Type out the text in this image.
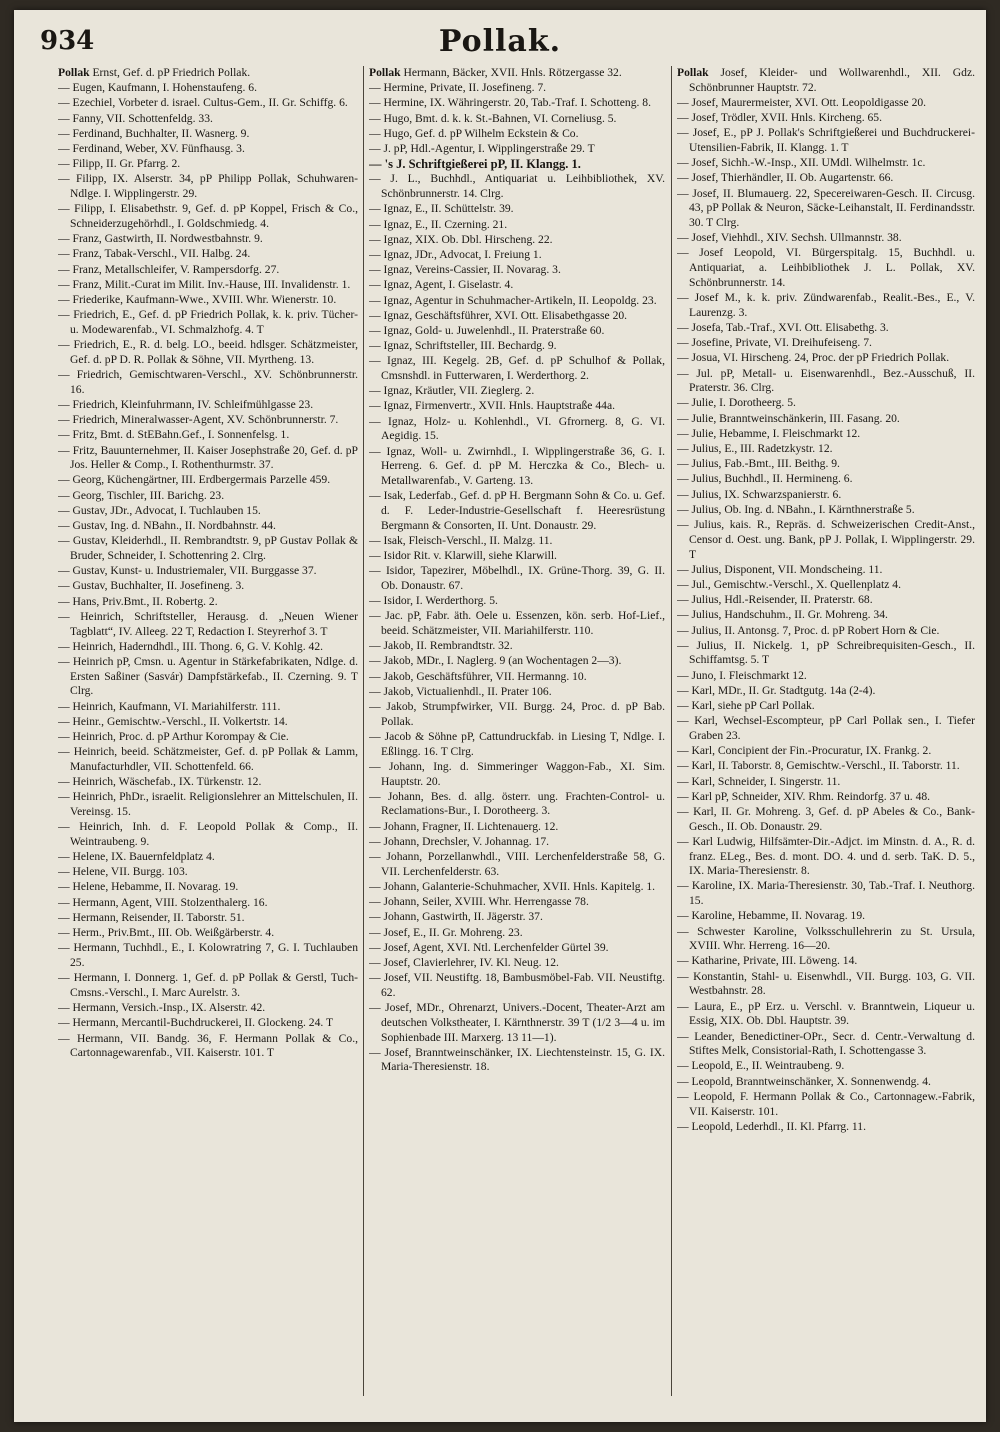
934	Pollak.
Pollak Ernst, Gef. d. pP Friedrich Pollak.
— Eugen, Kaufmann, I. Hohenstaufeng. 6.
— Ezechiel, Vorbeter d. israel. Cultus-Gem., II. Gr. Schiffg. 6.
— Fanny, VII. Schottenfeldg. 33.
— Ferdinand, Buchhalter, II. Wasnerg. 9.
— Ferdinand, Weber, XV. Fünfhausg. 3.
— Filipp, II. Gr. Pfarrg. 2.
— Filipp, IX. Alserstr. 34, pP Philipp Pollak, Schuhwaren-Ndlge. I. Wipplingerstr. 29.
— Filipp, I. Elisabethstr. 9, Gef. d. pP Koppel, Frisch & Co., Schneiderzugehörhdl., I. Goldschmiedg. 4.
— Franz, Gastwirth, II. Nordwestbahnstr. 9.
— Franz, Tabak-Verschl., VII. Halbg. 24.
— Franz, Metallschleifer, V. Rampersdorfg. 27.
— Franz, Milit.-Curat im Milit. Inv.-Hause, III. Invalidenstr. 1.
— Friederike, Kaufmann-Wwe., XVIII. Whr. Wienerstr. 10.
— Friedrich, E., Gef. d. pP Friedrich Pollak, k. k. priv. Tücher- u. Modewarenfab., VI. Schmalzhofg. 4. T
— Friedrich, E., R. d. belg. LO., beeid. hdlsger. Schätzmeister, Gef. d. pP D. R. Pollak & Söhne, VII. Myrtheng. 13.
— Friedrich, Gemischtwaren-Verschl., XV. Schönbrunnerstr. 16.
— Friedrich, Kleinfuhrmann, IV. Schleifmühlgasse 23.
— Friedrich, Mineralwasser-Agent, XV. Schönbrunnerstr. 7.
— Fritz, Bmt. d. StEBahn.Gef., I. Sonnenfelsg. 1.
— Fritz, Bauunternehmer, II. Kaiser Josephstraße 20, Gef. d. pP Jos. Heller & Comp., I. Rothenthurmstr. 37.
— Georg, Küchengärtner, III. Erdbergermais Parzelle 459.
— Georg, Tischler, III. Barichg. 23.
— Gustav, JDr., Advocat, I. Tuchlauben 15.
— Gustav, Ing. d. NBahn., II. Nordbahnstr. 44.
— Gustav, Kleiderhdl., II. Rembrandtstr. 9, pP Gustav Pollak & Bruder, Schneider, I. Schottenring 2. Clrg.
— Gustav, Kunst- u. Industriemaler, VII. Burggasse 37.
— Gustav, Buchhalter, II. Josefineng. 3.
— Hans, Priv.Bmt., II. Robertg. 2.
— Heinrich, Schriftsteller, Herausg. d. „Neuen Wiener Tagblatt“, IV. Alleeg. 22 T, Redaction I. Steyrerhof 3. T
— Heinrich, Haderndhdl., III. Thong. 6, G. V. Kohlg. 42.
— Heinrich pP, Cmsn. u. Agentur in Stärkefabrikaten, Ndlge. d. Ersten Saßiner (Sasvár) Dampfstärkefab., II. Czerning. 9. T Clrg.
— Heinrich, Kaufmann, VI. Mariahilferstr. 111.
— Heinr., Gemischtw.-Verschl., II. Volkertstr. 14.
— Heinrich, Proc. d. pP Arthur Korompay & Cie.
— Heinrich, beeid. Schätzmeister, Gef. d. pP Pollak & Lamm, Manufacturhdler, VII. Schottenfeld. 66.
— Heinrich, Wäschefab., IX. Türkenstr. 12.
— Heinrich, PhDr., israelit. Religionslehrer an Mittelschulen, II. Vereinsg. 15.
— Heinrich, Inh. d. F. Leopold Pollak & Comp., II. Weintraubeng. 9.
— Helene, IX. Bauernfeldplatz 4.
— Helene, VII. Burgg. 103.
— Helene, Hebamme, II. Novarag. 19.
— Hermann, Agent, VIII. Stolzenthalerg. 16.
— Hermann, Reisender, II. Taborstr. 51.
— Herm., Priv.Bmt., III. Ob. Weißgärberstr. 4.
— Hermann, Tuchhdl., E., I. Kolowratring 7, G. I. Tuchlauben 25.
— Hermann, I. Donnerg. 1, Gef. d. pP Pollak & Gerstl, Tuch-Cmsns.-Verschl., I. Marc Aurelstr. 3.
— Hermann, Versich.-Insp., IX. Alserstr. 42.
— Hermann, Mercantil-Buchdruckerei, II. Glockeng. 24. T
— Hermann, VII. Bandg. 36, F. Hermann Pollak & Co., Cartonnagewarenfab., VII. Kaiserstr. 101. T
Pollak Hermann, Bäcker, XVII. Hnls. Rötzergasse 32.
— Hermine, Private, II. Josefineng. 7.
— Hermine, IX. Währingerstr. 20, Tab.-Traf. I. Schotteng. 8.
— Hugo, Bmt. d. k. k. St.-Bahnen, VI. Corneliusg. 5.
— Hugo, Gef. d. pP Wilhelm Eckstein & Co.
— J. pP, Hdl.-Agentur, I. Wipplingerstraße 29. T
— 's J. Schriftgießerei pP, II. Klangg. 1.
— J. L., Buchhdl., Antiquariat u. Leihbibliothek, XV. Schönbrunnerstr. 14. Clrg.
— Ignaz, E., II. Schüttelstr. 39.
— Ignaz, E., II. Czerning. 21.
— Ignaz, XIX. Ob. Dbl. Hirscheng. 22.
— Ignaz, JDr., Advocat, I. Freiung 1.
— Ignaz, Vereins-Cassier, II. Novarag. 3.
— Ignaz, Agent, I. Giselastr. 4.
— Ignaz, Agentur in Schuhmacher-Artikeln, II. Leopoldg. 23.
— Ignaz, Geschäftsführer, XVI. Ott. Elisabethgasse 20.
— Ignaz, Gold- u. Juwelenhdl., II. Praterstraße 60.
— Ignaz, Schriftsteller, III. Bechardg. 9.
— Ignaz, III. Kegelg. 2B, Gef. d. pP Schulhof & Pollak, Cmsnshdl. in Futterwaren, I. Werderthorg. 2.
— Ignaz, Kräutler, VII. Zieglerg. 2.
— Ignaz, Firmenvertr., XVII. Hnls. Hauptstraße 44a.
— Ignaz, Holz- u. Kohlenhdl., VI. Gfrornerg. 8, G. VI. Aegidig. 15.
— Ignaz, Woll- u. Zwirnhdl., I. Wipplingerstraße 36, G. I. Herreng. 6. Gef. d. pP M. Herczka & Co., Blech- u. Metallwarenfab., V. Garteng. 13.
— Isak, Lederfab., Gef. d. pP H. Bergmann Sohn & Co. u. Gef. d. F. Leder-Industrie-Gesellschaft f. Heeresrüstung Bergmann & Consorten, II. Unt. Donaustr. 29.
— Isak, Fleisch-Verschl., II. Malzg. 11.
— Isidor Rit. v. Klarwill, siehe Klarwill.
— Isidor, Tapezirer, Möbelhdl., IX. Grüne-Thorg. 39, G. II. Ob. Donaustr. 67.
— Isidor, I. Werderthorg. 5.
— Jac. pP, Fabr. äth. Oele u. Essenzen, kön. serb. Hof-Lief., beeid. Schätzmeister, VII. Mariahilferstr. 110.
— Jakob, II. Rembrandtstr. 32.
— Jakob, MDr., I. Naglerg. 9 (an Wochentagen 2—3).
— Jakob, Geschäftsführer, VII. Hermanng. 10.
— Jakob, Victualienhdl., II. Prater 106.
— Jakob, Strumpfwirker, VII. Burgg. 24, Proc. d. pP Bab. Pollak.
— Jacob & Söhne pP, Cattundruckfab. in Liesing T, Ndlge. I. Eßlingg. 16. T Clrg.
— Johann, Ing. d. Simmeringer Waggon-Fab., XI. Sim. Hauptstr. 20.
— Johann, Bes. d. allg. österr. ung. Frachten-Control- u. Reclamations-Bur., I. Dorotheerg. 3.
— Johann, Fragner, II. Lichtenauerg. 12.
— Johann, Drechsler, V. Johannag. 17.
— Johann, Porzellanwhdl., VIII. Lerchenfelderstraße 58, G. VII. Lerchenfelderstr. 63.
— Johann, Galanterie-Schuhmacher, XVII. Hnls. Kapitelg. 1.
— Johann, Seiler, XVIII. Whr. Herrengasse 78.
— Johann, Gastwirth, II. Jägerstr. 37.
— Josef, E., II. Gr. Mohreng. 23.
— Josef, Agent, XVI. Ntl. Lerchenfelder Gürtel 39.
— Josef, Clavierlehrer, IV. Kl. Neug. 12.
— Josef, VII. Neustiftg. 18, Bambusmöbel-Fab. VII. Neustiftg. 62.
— Josef, MDr., Ohrenarzt, Univers.-Docent, Theater-Arzt am deutschen Volkstheater, I. Kärnthnerstr. 39 T (1/2 3—4 u. im Sophienbade III. Marxerg. 13 11—1).
— Josef, Branntweinschänker, IX. Liechtensteinstr. 15, G. IX. Maria-Theresienstr. 18.
Pollak Josef, Kleider- und Wollwarenhdl., XII. Gdz. Schönbrunner Hauptstr. 72.
— Josef, Maurermeister, XVI. Ott. Leopoldigasse 20.
— Josef, Trödler, XVII. Hnls. Kircheng. 65.
— Josef, E., pP J. Pollak's Schriftgießerei und Buchdruckerei-Utensilien-Fabrik, II. Klangg. 1. T
— Josef, Sichh.-W.-Insp., XII. UMdl. Wilhelmstr. 1c.
— Josef, Thierhändler, II. Ob. Augartenstr. 66.
— Josef, II. Blumauerg. 22, Specereiwaren-Gesch. II. Circusg. 43, pP Pollak & Neuron, Säcke-Leihanstalt, II. Ferdinandsstr. 30. T Clrg.
— Josef, Viehhdl., XIV. Sechsh. Ullmannstr. 38.
— Josef Leopold, VI. Bürgerspitalg. 15, Buchhdl. u. Antiquariat, a. Leihbibliothek J. L. Pollak, XV. Schönbrunnerstr. 14.
— Josef M., k. k. priv. Zündwarenfab., Realit.-Bes., E., V. Laurenzg. 3.
— Josefa, Tab.-Traf., XVI. Ott. Elisabethg. 3.
— Josefine, Private, VI. Dreihufeiseng. 7.
— Josua, VI. Hirscheng. 24, Proc. der pP Friedrich Pollak.
— Jul. pP, Metall- u. Eisenwarenhdl., Bez.-Ausschuß, II. Praterstr. 36. Clrg.
— Julie, I. Dorotheerg. 5.
— Julie, Branntweinschänkerin, III. Fasang. 20.
— Julie, Hebamme, I. Fleischmarkt 12.
— Julius, E., III. Radetzkystr. 12.
— Julius, Fab.-Bmt., III. Beithg. 9.
— Julius, Buchhdl., II. Hermineng. 6.
— Julius, IX. Schwarzspanierstr. 6.
— Julius, Ob. Ing. d. NBahn., I. Kärnthnerstraße 5.
— Julius, kais. R., Repräs. d. Schweizerischen Credit-Anst., Censor d. Oest. ung. Bank, pP J. Pollak, I. Wipplingerstr. 29. T
— Julius, Disponent, VII. Mondscheing. 11.
— Jul., Gemischtw.-Verschl., X. Quellenplatz 4.
— Julius, Hdl.-Reisender, II. Praterstr. 68.
— Julius, Handschuhm., II. Gr. Mohreng. 34.
— Julius, II. Antonsg. 7, Proc. d. pP Robert Horn & Cie.
— Julius, II. Nickelg. 1, pP Schreibrequisiten-Gesch., II. Schiffamtsg. 5. T
— Juno, I. Fleischmarkt 12.
— Karl, MDr., II. Gr. Stadtgutg. 14a (2-4).
— Karl, siehe pP Carl Pollak.
— Karl, Wechsel-Escompteur, pP Carl Pollak sen., I. Tiefer Graben 23.
— Karl, Concipient der Fin.-Procuratur, IX. Frankg. 2.
— Karl, II. Taborstr. 8, Gemischtw.-Verschl., II. Taborstr. 11.
— Karl, Schneider, I. Singerstr. 11.
— Karl pP, Schneider, XIV. Rhm. Reindorfg. 37 u. 48.
— Karl, II. Gr. Mohreng. 3, Gef. d. pP Abeles & Co., Bank-Gesch., II. Ob. Donaustr. 29.
— Karl Ludwig, Hilfsämter-Dir.-Adjct. im Minstn. d. A., R. d. franz. ELeg., Bes. d. mont. DO. 4. und d. serb. TaK. D. 5., IX. Maria-Theresienstr. 8.
— Karoline, IX. Maria-Theresienstr. 30, Tab.-Traf. I. Neuthorg. 15.
— Karoline, Hebamme, II. Novarag. 19.
— Schwester Karoline, Volksschullehrerin zu St. Ursula, XVIII. Whr. Herreng. 16—20.
— Katharine, Private, III. Löweng. 14.
— Konstantin, Stahl- u. Eisenwhdl., VII. Burgg. 103, G. VII. Westbahnstr. 28.
— Laura, E., pP Erz. u. Verschl. v. Branntwein, Liqueur u. Essig, XIX. Ob. Dbl. Hauptstr. 39.
— Leander, Benedictiner-OPr., Secr. d. Centr.-Verwaltung d. Stiftes Melk, Consistorial-Rath, I. Schottengasse 3.
— Leopold, E., II. Weintraubeng. 9.
— Leopold, Branntweinschänker, X. Sonnenwendg. 4.
— Leopold, F. Hermann Pollak & Co., Cartonnagew.-Fabrik, VII. Kaiserstr. 101.
— Leopold, Lederhdl., II. Kl. Pfarrg. 11.
